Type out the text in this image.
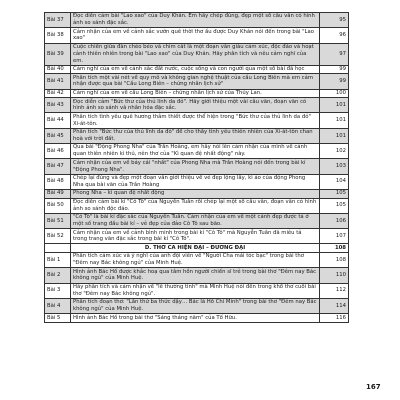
Bài 37	Đọc diễn cảm bài "Lao xao" của Duy Khán. Em hãy chép đúng, đẹp một số câu văn có hình ảnh so sánh đặc sắc.	95
Bài 38	Cảm nhận của em về cảnh sắc vườn quê thời thơ ấu được Duy Khán nói đến trong bài "Lao xao"	96
Bài 39	Cuộc chiến giữa đàn chèo bẻo và chim cắt là một đoạn văn giàu cảm xúc, độc đáo và hoạt cảnh thiên nhiên trong bài "Lao xao" của Duy Khán. Hãy phân tích và nêu cảm nghĩ của em.	97
Bài 40	Cảm nghĩ của em về cảnh sắc đất nước, cuộc sống và con người qua một số bài đã học	99
Bài 41	Phân tích một vài nét về quy mô và không gian nghệ thuật của cầu Long Biên mà em cảm nhận được qua bài "Cầu Long Biên – chứng nhân lịch sử"	99
Bài 42	Cảm nghĩ của em về cầu Long Biên – chứng nhân lịch sử của Thúy Lan.	100
Bài 43	Đọc diễn cảm "Bức thư của thủ lĩnh da đỏ". Hãy giới thiệu một vài câu văn, đoạn văn có hình ảnh so sánh và nhân hóa đặc sắc.	101
Bài 44	Phân tích tình yêu quê hương thắm thiết được thể hiện trong "Bức thư của thủ lĩnh da đỏ" Xi-át-tôn.	101
Bài 45	Phân tích "Bức thư của thủ lĩnh da đỏ" để cho thấy tình yêu thiên nhiên của Xi-át-tôn chan hoà với trời đất.	101
Bài 46	Qua bài "Động Phong Nha" của Trần Hoàng, em hãy nói lên cảm nhận của mình về cảnh quan thiên nhiên kì thú, nên thơ của "Kì quan đệ nhất động" này.	102
Bài 47	Cảm nhận của em về bảy cái "nhất" của Phong Nha mà Trần Hoàng nói đến trong bài kí "Động Phong Nha".	103
Bài 48	Chép lại đúng và đẹp một đoạn văn giới thiệu về vẻ đẹp lộng lẫy, kì ảo của động Phong Nha qua bài văn của Trần Hoàng	104
Bài 49	Phong Nha – kì quan đệ nhất động	105
Bài 50	Đọc diễn cảm bài kí "Cô Tô" của Nguyễn Tuân rồi chép lại một số câu văn, đoạn văn có hình ảnh so sánh độc đáo.	105
Bài 51	"Cô Tô" là bài kí đặc sắc của Nguyễn Tuân. Cảm nhận của em về một cảnh đẹp được tả ở một số trang đầu bài kí – vẻ đẹp của đảo Cô Tô sau bão.	106
Bài 52	Cảm nhận của em về cảnh bình minh trong bài kí "Cô Tô" mà Nguyễn Tuân đã miêu tả trong trang văn đặc sắc trong bài kí "Cô Tô".	107
	D. THƠ CA HIỆN ĐẠI – ĐƯƠNG ĐẠI	108
Bài 1	Phân tích cảm xúc và ý nghĩ của anh đội viên về "Người Cha mái tóc bạc" trong bài thơ "Đêm nay Bác không ngủ" của Minh Huệ.	108
Bài 2	Hình ảnh Bác Hồ được khắc hoạ qua tâm hồn người chiến sĩ trẻ trong bài thơ "Đêm nay Bác không ngủ" của Minh Huệ.	110
Bài 3	Hãy phân tích và cảm nhận về "lẽ thường tình" mà Minh Huệ nói đến trong khổ thơ cuối bài thơ "Đêm nay Bác không ngủ".	112
Bài 4	Phân tích đoạn thơ: "Lần thứ ba thức dậy… Bác là Hồ Chí Minh" trong bài thơ "Đêm nay Bác không ngủ" của Minh Huệ.	114
Bài 5	Hình ảnh Bác Hồ trong bài thơ "Sáng tháng năm" của Tố Hữu.	116
167
